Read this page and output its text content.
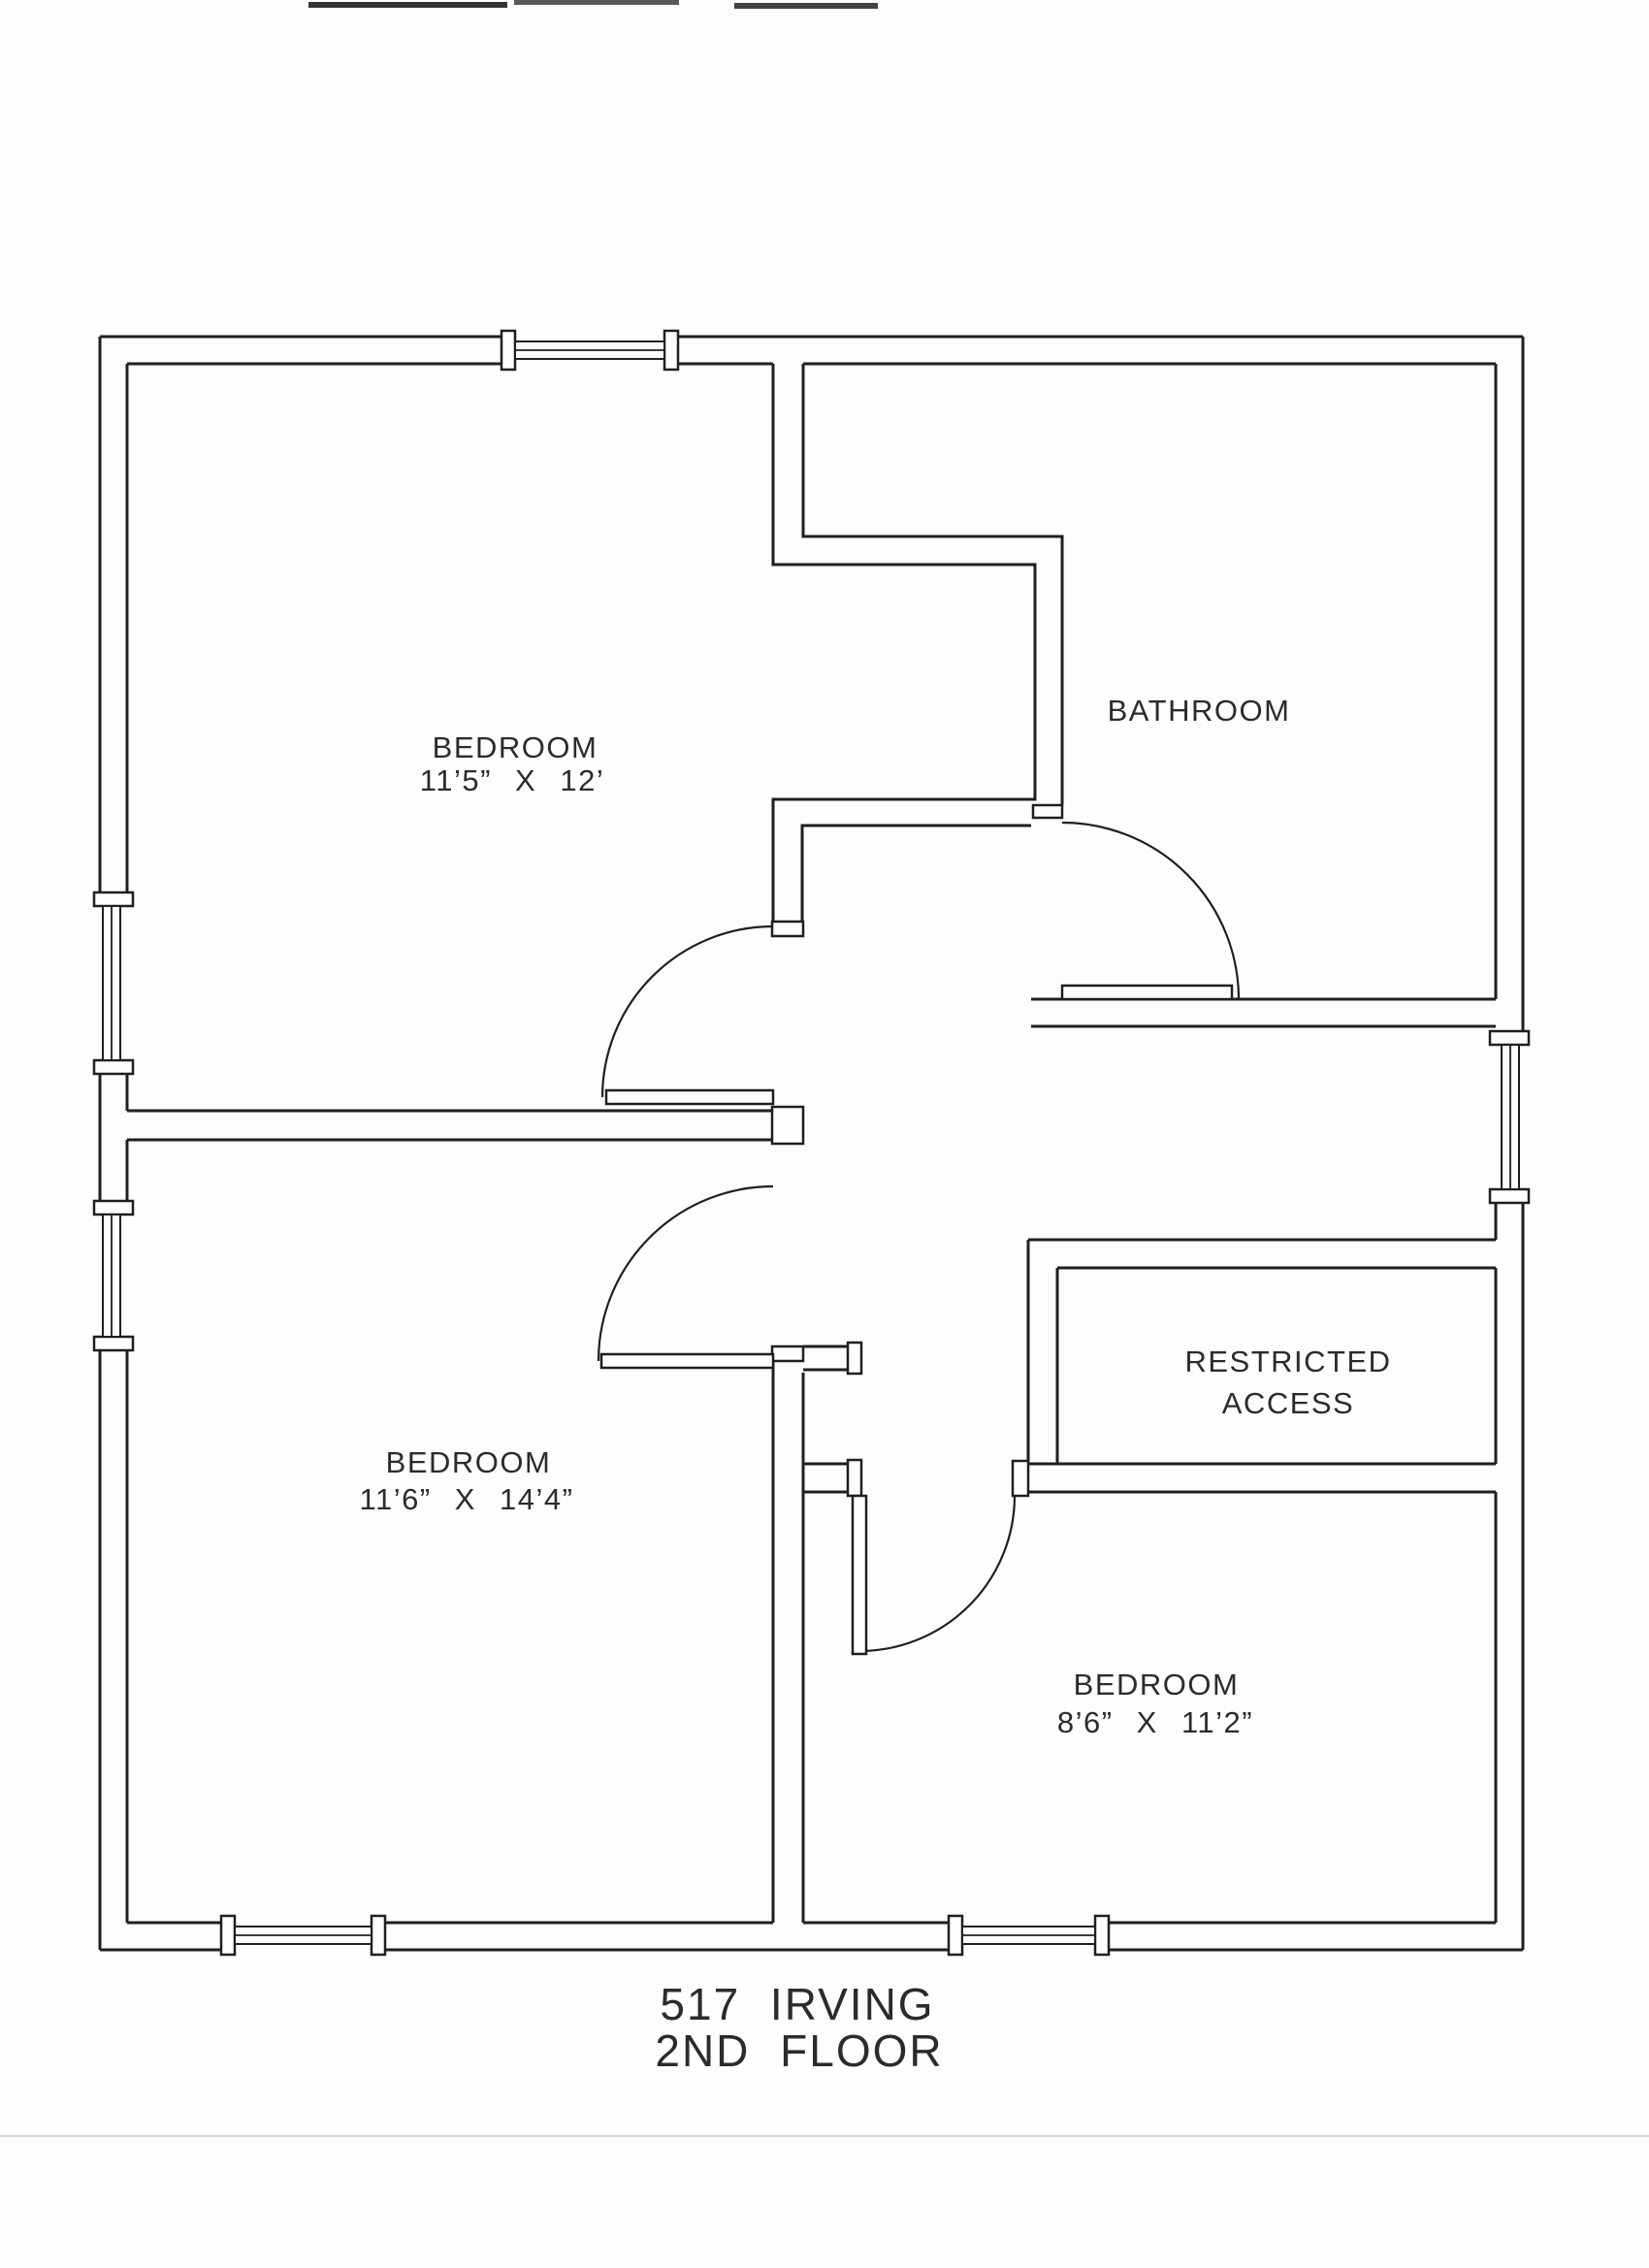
BEDROOM
11’5” X 12’
BATHROOM
BEDROOM
11’6” X 14’4”
RESTRICTED
ACCESS
BEDROOM
8’6” X 11’2”
517 IRVING
2ND FLOOR
